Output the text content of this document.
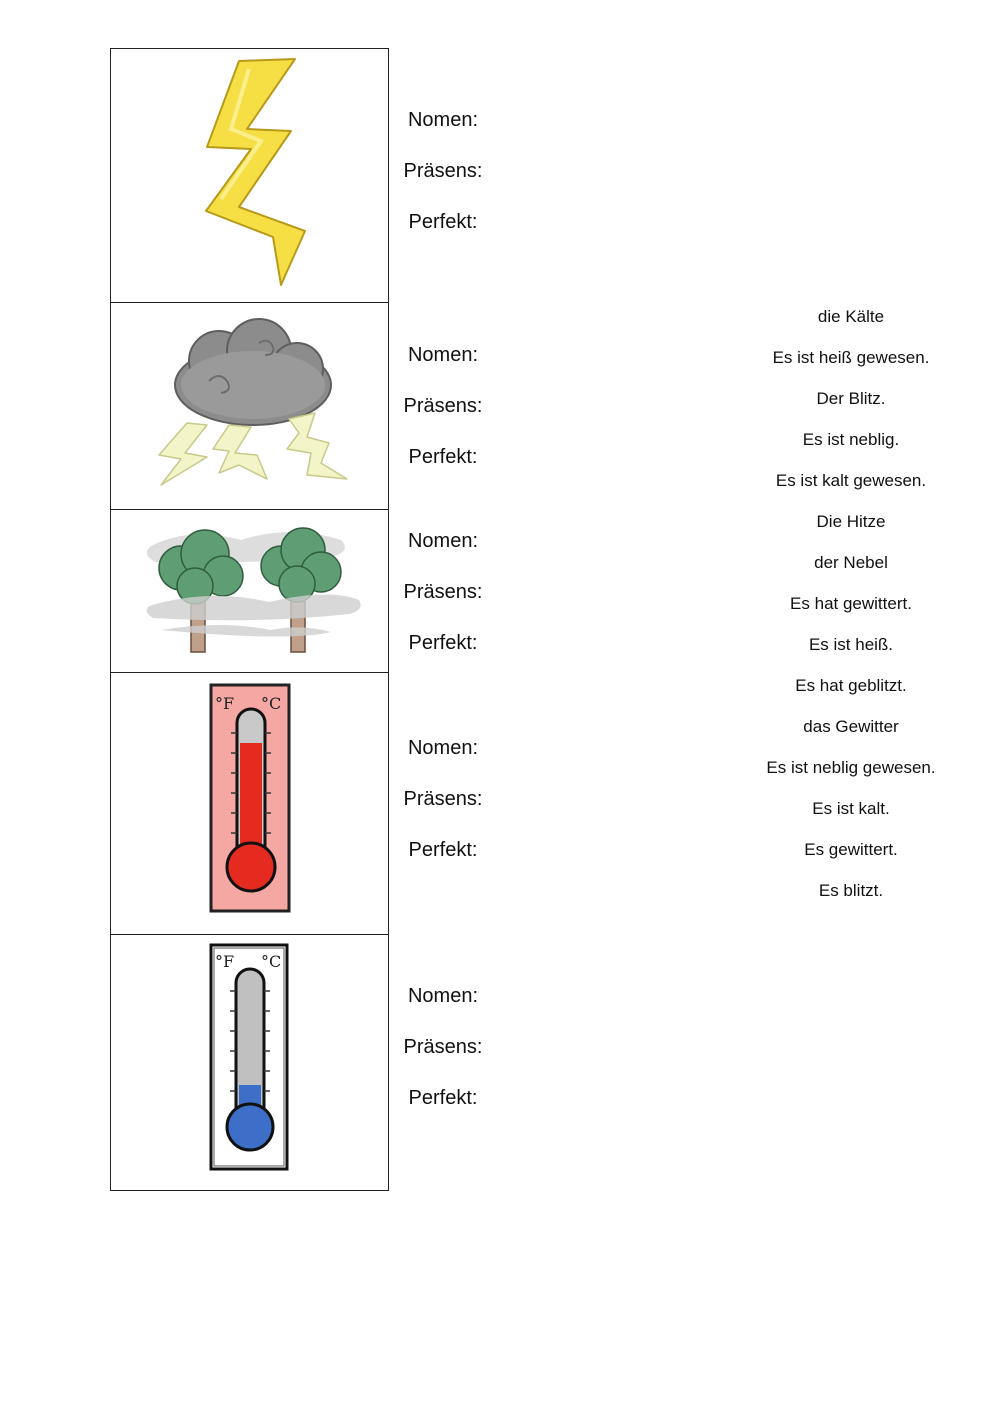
°F °C
°F °C
Nomen:
Präsens:
Perfekt:
Nomen:
Präsens:
Perfekt:
Nomen:
Präsens:
Perfekt:
Nomen:
Präsens:
Perfekt:
Nomen:
Präsens:
Perfekt:
die Kälte
Es ist heiß gewesen.
Der Blitz.
Es ist neblig.
Es ist kalt gewesen.
Die Hitze
der Nebel
Es hat gewittert.
Es ist heiß.
Es hat geblitzt.
das Gewitter
Es ist neblig gewesen.
Es ist kalt.
Es gewittert.
Es blitzt.
